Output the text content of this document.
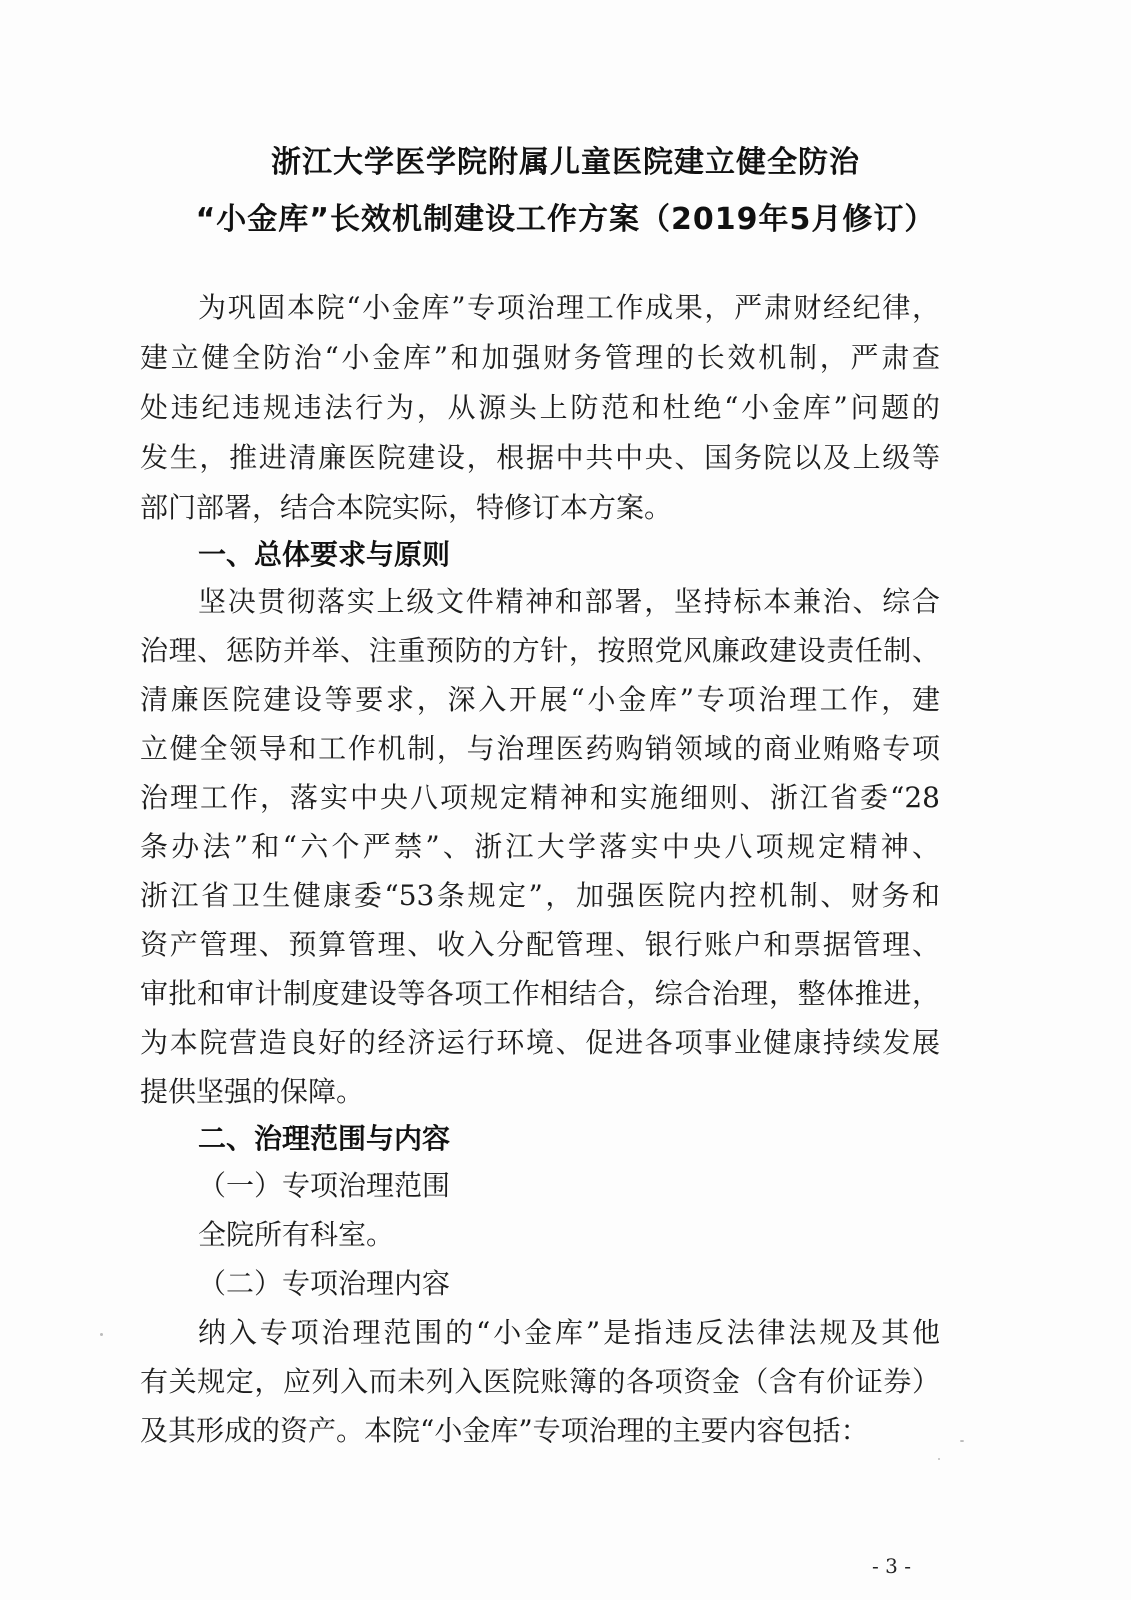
浙江大学医学院附属儿童医院建立健全防治
“小金库”长效机制建设工作方案（2019年5月修订）
为巩固本院“小金库”专项治理工作成果，严肃财经纪律，
建立健全防治“小金库”和加强财务管理的长效机制，严肃查
处违纪违规违法行为，从源头上防范和杜绝“小金库”问题的
发生，推进清廉医院建设，根据中共中央、国务院以及上级等
部门部署，结合本院实际，特修订本方案。
一、总体要求与原则
坚决贯彻落实上级文件精神和部署，坚持标本兼治、综合
治理、惩防并举、注重预防的方针，按照党风廉政建设责任制、
清廉医院建设等要求，深入开展“小金库”专项治理工作，建
立健全领导和工作机制，与治理医药购销领域的商业贿赂专项
治理工作，落实中央八项规定精神和实施细则、浙江省委“28
条办法”和“六个严禁”、浙江大学落实中央八项规定精神、
浙江省卫生健康委“53条规定”，加强医院内控机制、财务和
资产管理、预算管理、收入分配管理、银行账户和票据管理、
审批和审计制度建设等各项工作相结合，综合治理，整体推进，
为本院营造良好的经济运行环境、促进各项事业健康持续发展
提供坚强的保障。
二、治理范围与内容
（一）专项治理范围
全院所有科室。
（二）专项治理内容
纳入专项治理范围的“小金库”是指违反法律法规及其他
有关规定，应列入而未列入医院账簿的各项资金（含有价证券）
及其形成的资产。本院“小金库”专项治理的主要内容包括：
- 3 -
